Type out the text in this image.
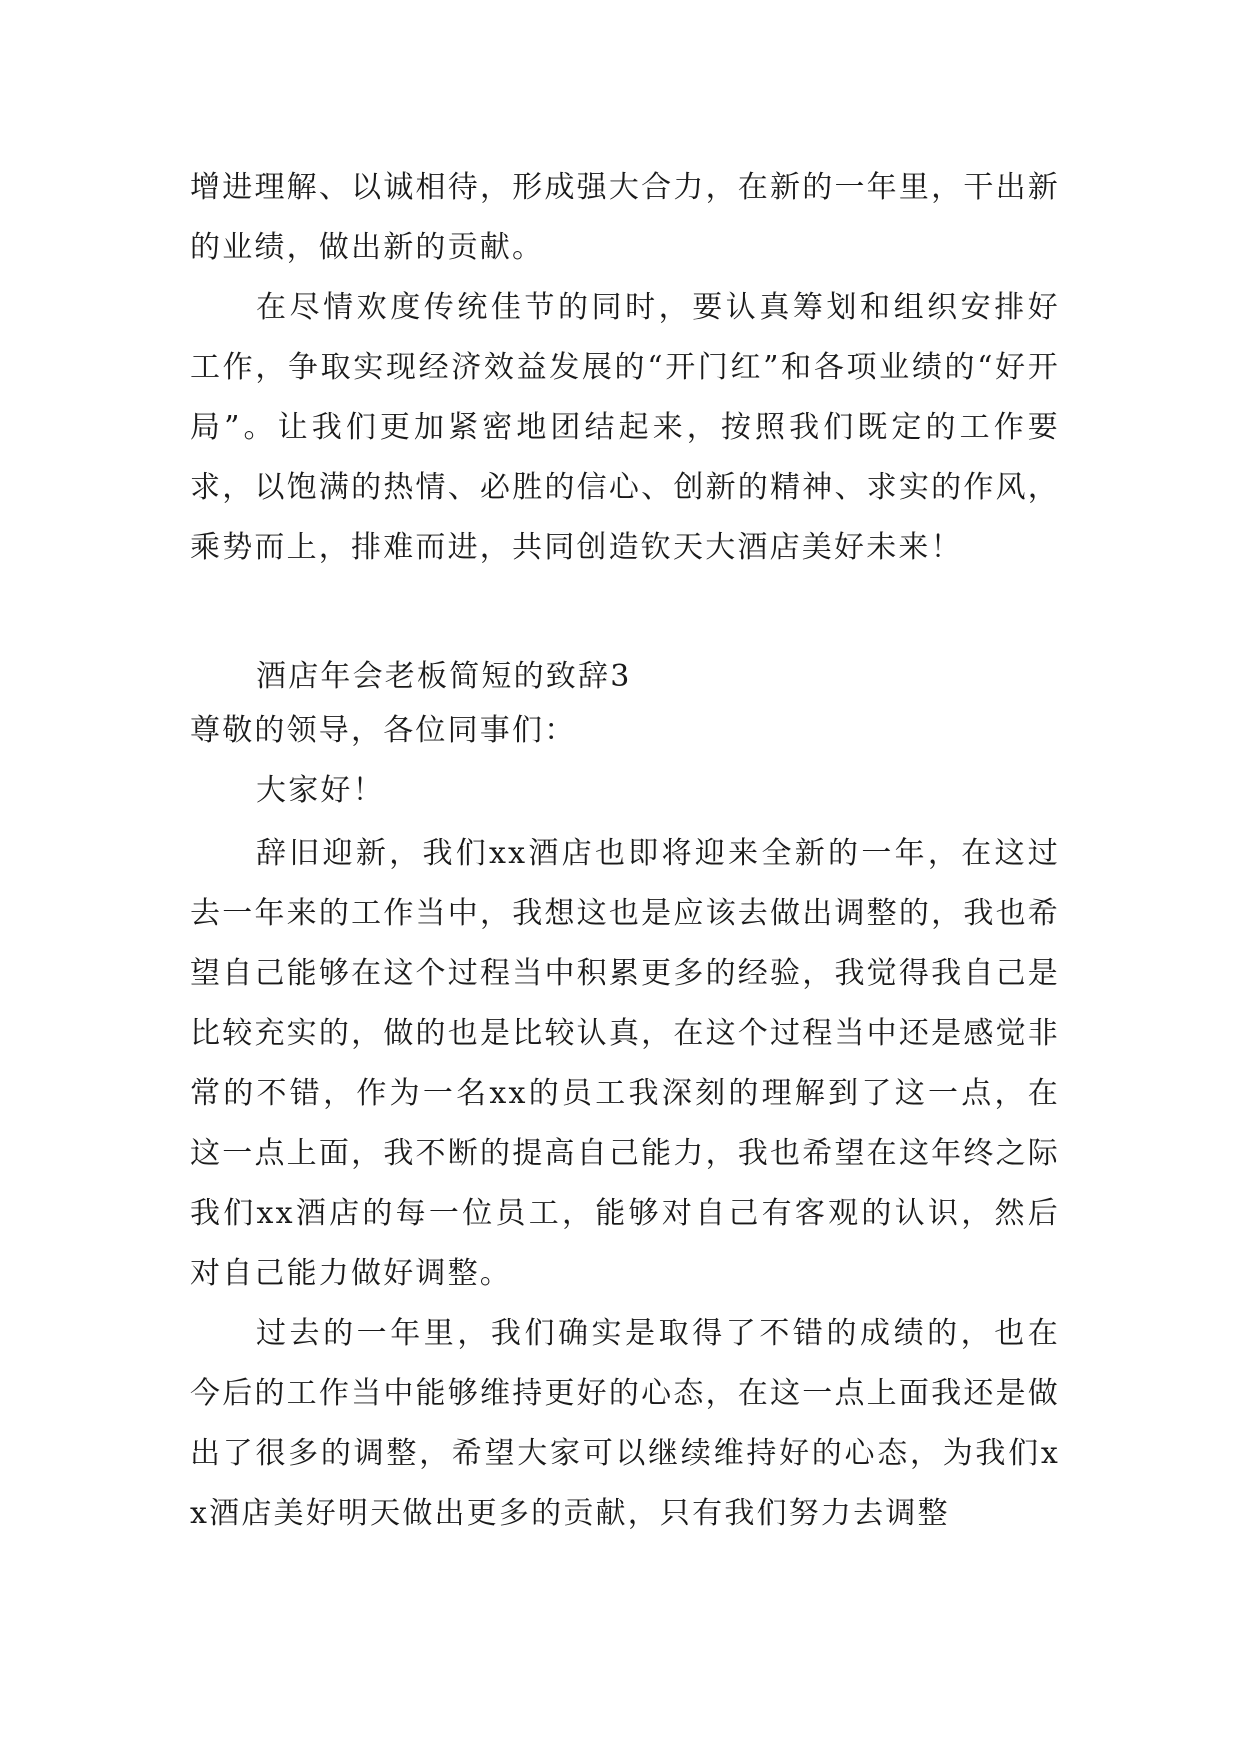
增进理解、以诚相待，形成强大合力，在新的一年里，干出新的业绩，做出新的贡献。

在尽情欢度传统佳节的同时，要认真筹划和组织安排好工作，争取实现经济效益发展的“开门红”和各项业绩的“好开局”。让我们更加紧密地团结起来，按照我们既定的工作要求，以饱满的热情、必胜的信心、创新的精神、求实的作风，乘势而上，排难而进，共同创造钦天大酒店美好未来！

酒店年会老板简短的致辞3

尊敬的领导，各位同事们：

大家好！

辞旧迎新，我们xx酒店也即将迎来全新的一年，在这过去一年来的工作当中，我想这也是应该去做出调整的，我也希望自己能够在这个过程当中积累更多的经验，我觉得我自己是比较充实的，做的也是比较认真，在这个过程当中还是感觉非常的不错，作为一名xx的员工我深刻的理解到了这一点，在这一点上面，我不断的提高自己能力，我也希望在这年终之际我们xx酒店的每一位员工，能够对自己有客观的认识，然后对自己能力做好调整。

过去的一年里，我们确实是取得了不错的成绩的，也在今后的工作当中能够维持更好的心态，在这一点上面我还是做出了很多的调整，希望大家可以继续维持好的心态，为我们xx酒店美好明天做出更多的贡献，只有我们努力去调整
